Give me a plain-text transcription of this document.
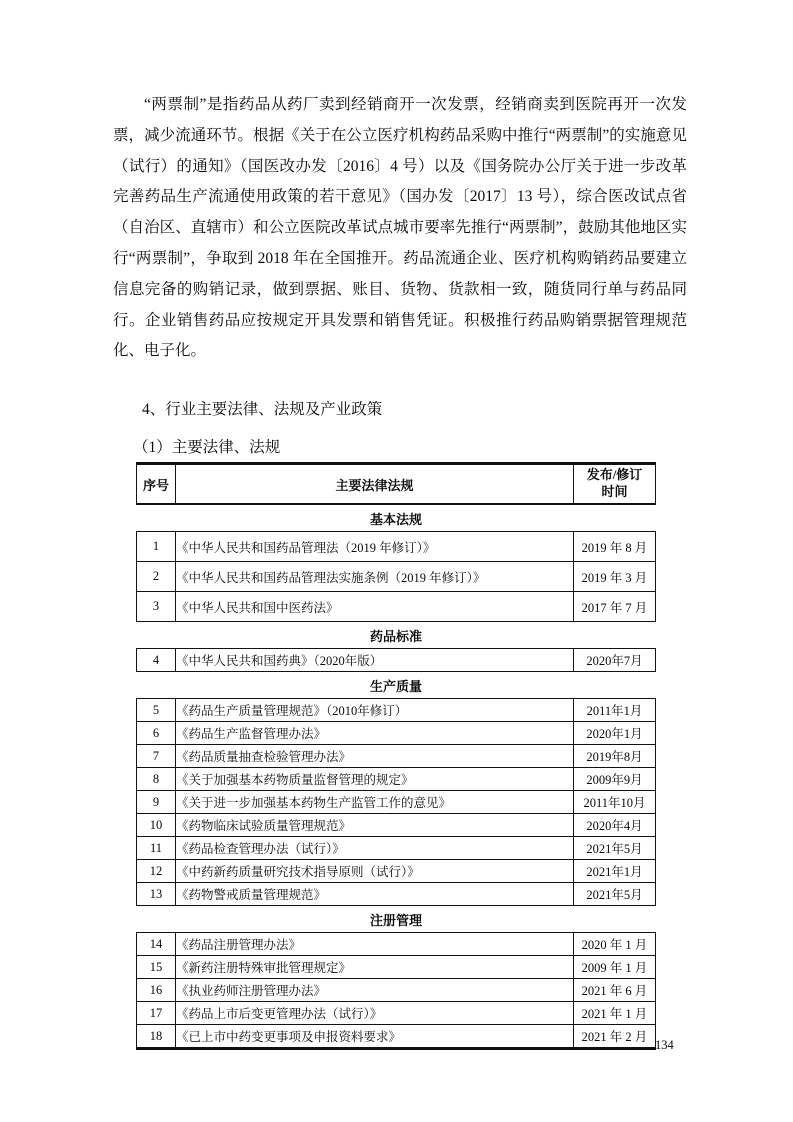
“两票制”是指药品从药厂卖到经销商开一次发票，经销商卖到医院再开一次发票，减少流通环节。根据《关于在公立医疗机构药品采购中推行“两票制”的实施意见（试行）的通知》（国医改办发〔2016〕4 号）以及《国务院办公厅关于进一步改革完善药品生产流通使用政策的若干意见》（国办发〔2017〕13 号），综合医改试点省（自治区、直辖市）和公立医院改革试点城市要率先推行“两票制”，鼓励其他地区实行“两票制”，争取到 2018 年在全国推开。药品流通企业、医疗机构购销药品要建立信息完备的购销记录，做到票据、账目、货物、货款相一致，随货同行单与药品同行。企业销售药品应按规定开具发票和销售凭证。积极推行药品购销票据管理规范化、电子化。

4、行业主要法律、法规及产业政策
（1）主要法律、法规
序号	主要法律法规	发布/修订
时间
基本法规		
1	《中华人民共和国药品管理法（2019 年修订）》	2019 年 8 月
2	《中华人民共和国药品管理法实施条例（2019 年修订）》	2019 年 3 月
3	《中华人民共和国中医药法》	2017 年 7 月
药品标准		
4	《中华人民共和国药典》（2020年版）	2020年7月
生产质量		
5	《药品生产质量管理规范》（2010年修订）	2011年1月
6	《药品生产监督管理办法》	2020年1月
7	《药品质量抽查检验管理办法》	2019年8月
8	《关于加强基本药物质量监督管理的规定》	2009年9月
9	《关于进一步加强基本药物生产监管工作的意见》	2011年10月
10	《药物临床试验质量管理规范》	2020年4月
11	《药品检查管理办法（试行）》	2021年5月
12	《中药新药质量研究技术指导原则（试行）》	2021年1月
13	《药物警戒质量管理规范》	2021年5月
注册管理		
14	《药品注册管理办法》	2020 年 1 月
15	《新药注册特殊审批管理规定》	2009 年 1 月
16	《执业药师注册管理办法》	2021 年 6 月
17	《药品上市后变更管理办法（试行）》	2021 年 1 月
18	《已上市中药变更事项及申报资料要求》	2021 年 2 月
134
